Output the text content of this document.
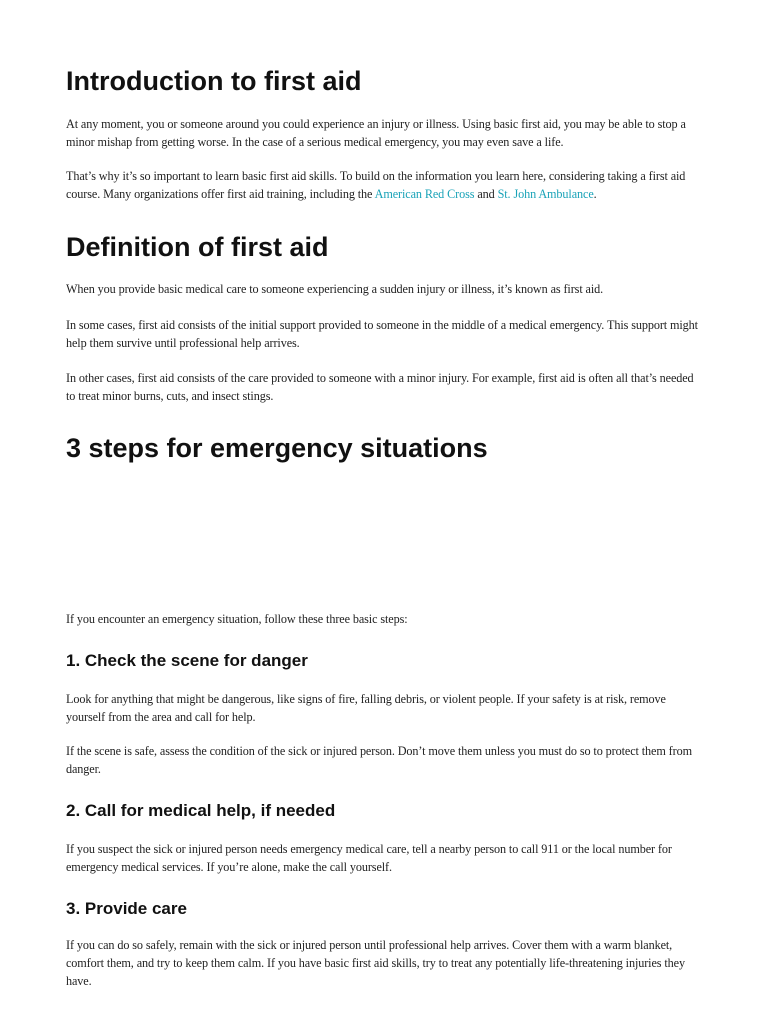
Introduction to first aid

At any moment, you or someone around you could experience an injury or illness. Using basic first aid, you may be able to stop a minor mishap from getting worse. In the case of a serious medical emergency, you may even save a life.

That’s why it’s so important to learn basic first aid skills. To build on the information you learn here, considering taking a first aid course. Many organizations offer first aid training, including the American Red Cross and St. John Ambulance.

Definition of first aid

When you provide basic medical care to someone experiencing a sudden injury or illness, it’s known as first aid.

In some cases, first aid consists of the initial support provided to someone in the middle of a medical emergency. This support might help them survive until professional help arrives.

In other cases, first aid consists of the care provided to someone with a minor injury. For example, first aid is often all that’s needed to treat minor burns, cuts, and insect stings.

3 steps for emergency situations

If you encounter an emergency situation, follow these three basic steps:

1. Check the scene for danger

Look for anything that might be dangerous, like signs of fire, falling debris, or violent people. If your safety is at risk, remove yourself from the area and call for help.

If the scene is safe, assess the condition of the sick or injured person. Don’t move them unless you must do so to protect them from danger.

2. Call for medical help, if needed

If you suspect the sick or injured person needs emergency medical care, tell a nearby person to call 911 or the local number for emergency medical services. If you’re alone, make the call yourself.

3. Provide care

If you can do so safely, remain with the sick or injured person until professional help arrives. Cover them with a warm blanket, comfort them, and try to keep them calm. If you have basic first aid skills, try to treat any potentially life-threatening injuries they have.
